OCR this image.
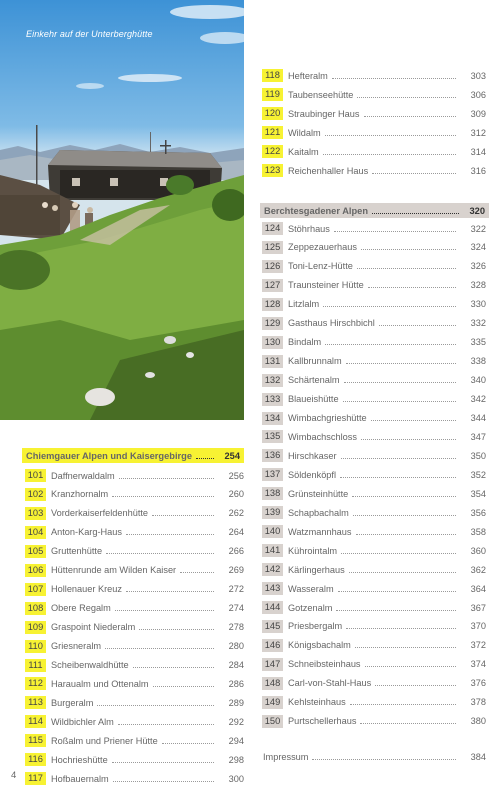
Einkehr auf der Unterberghütte
Chiemgauer Alpen und Kaisergebirge	254
101 Daffnerwaldalm	256
102 Kranzhornalm	260
103 Vorderkaiserfeldenhütte	262
104 Anton-Karg-Haus	264
105 Gruttenhütte	266
106 Hüttenrunde am Wilden Kaiser	269
107 Hollenauer Kreuz	272
108 Obere Regalm	274
109 Graspoint Niederalm	278
110 Griesneralm	280
111 Scheibenwaldhütte	284
112 Haraualm und Ottenalm	286
113 Burgeralm	289
114 Wildbichler Alm	292
115 Roßalm und Priener Hütte	294
116 Hochrieshütte	298
117 Hofbauernalm	300
4
118 Hefteralm	303
119 Taubenseehütte	306
120 Straubinger Haus	309
121 Wildalm	312
122 Kaitalm	314
123 Reichenhaller Haus	316
Berchtesgadener Alpen	320
124 Stöhrhaus	322
125 Zeppezauerhaus	324
126 Toni-Lenz-Hütte	326
127 Traunsteiner Hütte	328
128 Litzlalm	330
129 Gasthaus Hirschbichl	332
130 Bindalm	335
131 Kallbrunnalm	338
132 Schärtenalm	340
133 Blaueishütte	342
134 Wimbachgrieshütte	344
135 Wimbachschloss	347
136 Hirschkaser	350
137 Söldenköpfl	352
138 Grünsteinhütte	354
139 Schapbachalm	356
140 Watzmannhaus	358
141 Kührointalm	360
142 Kärlingerhaus	362
143 Wasseralm	364
144 Gotzenalm	367
145 Priesbergalm	370
146 Königsbachalm	372
147 Schneibsteinhaus	374
148 Carl-von-Stahl-Haus	376
149 Kehlsteinhaus	378
150 Purtschellerhaus	380
Impressum	384
